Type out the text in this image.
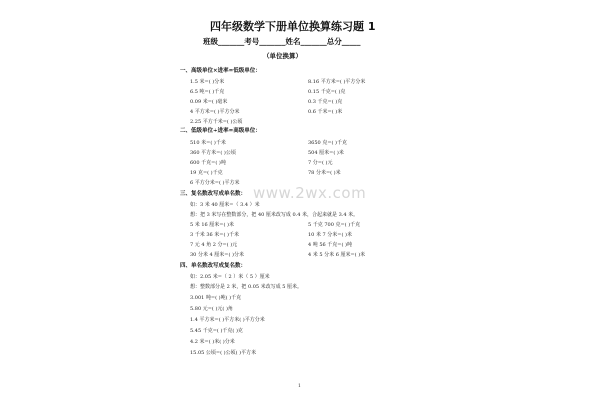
四年级数学下册单位换算练习题 1
班级_______考号_______姓名_______总分_____
（单位换算）
一、高级单位×进率=低级单位：
1.5 米=( )分米	8.16 平方米=( )平方分米
6.5 吨=( )千克	0.15 千克=( )克
0.09 米=( )毫米	0.3 千克=( )克
4 平方米=( )平方分米	0.6 千米=( )米
2.25 平方千米=( )公顷
二、低级单位÷进率=高级单位：
510 米=( )千米	3650 克=( )千克
360 平方米=( )公顷	504 厘米=( )米
600 千克=( )吨	7 分=( )元
19 克=( )千克	78 分米=( )米
6 平方分米=( )平方米
www.2wx.com
三、复名数改写成单名数：
如：3 米 40 厘米=（ 3.4 ）米
想：把 3 米写在整数部分，把 40 厘米改写成 0.4 米，合起来就是 3.4 米。
5 米 16 厘米=( )米	5 千克 700 克=( )千克
3 千米 36 米=( )千米	10 米 7 分米=( )米
7 元 4 角 2 分=( )元	4 吨 56 千克=( )吨
30 分米 4 厘米=( )分米	4 米 5 分米 6 厘米=( )米
四、单名数改写成复名数：
如：2.05 米=（ 2 ）米（ 5 ）厘米
想：整数部分是 2 米，把 0.05 米改写成 5 厘米。
3.001 吨=( )吨( )千克
5.80 元=( )元( )角
1.4 平方米=( )平方米( )平方分米
5.45 千克=( )千克( )克
4.2 米=( )米( )分米
15.05 公顷=( )公顷( )平方米
1
